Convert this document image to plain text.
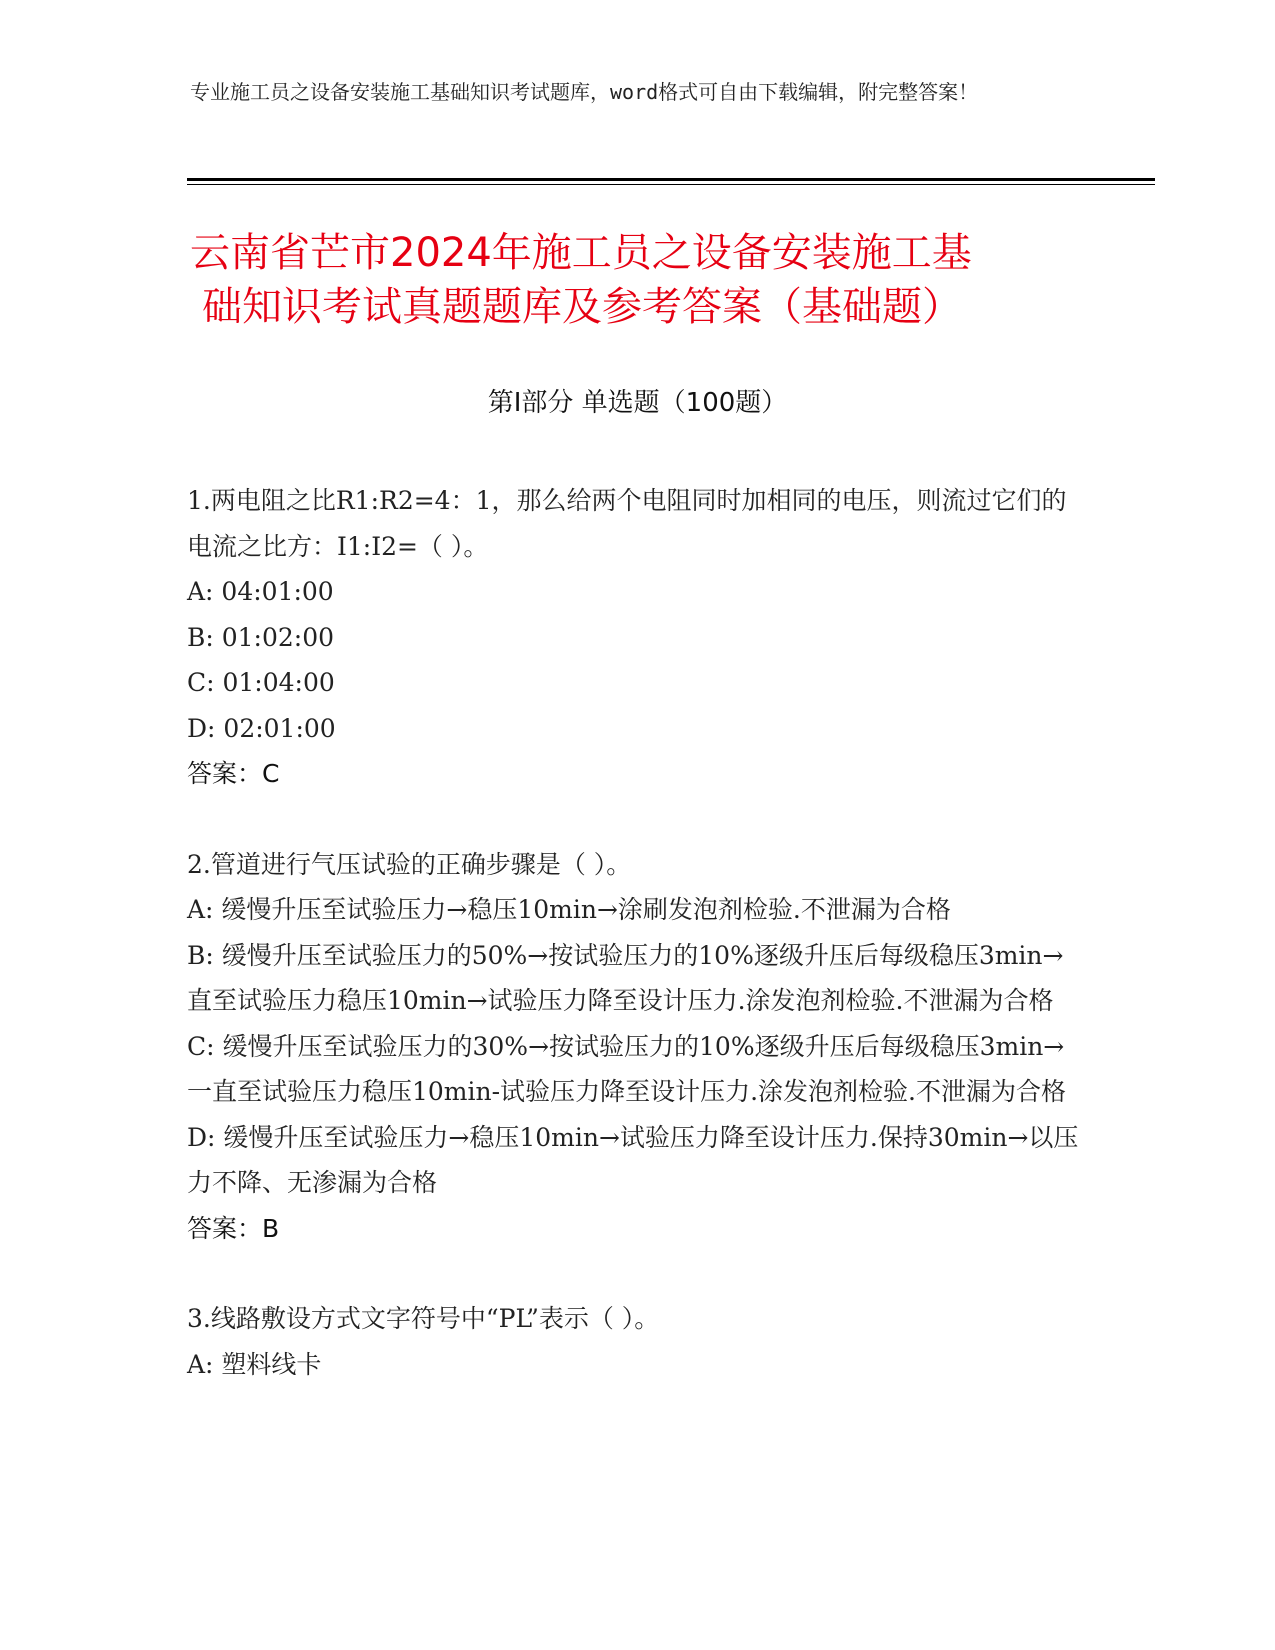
专业施工员之设备安装施工基础知识考试题库，word格式可自由下载编辑，附完整答案！
云南省芒市2024年施工员之设备安装施工基
础知识考试真题题库及参考答案（基础题）
第Ⅰ部分 单选题（100题）

1.两电阻之比R1:R2=4：1，那么给两个电阻同时加相同的电压，则流过它们的电流之比方：I1:I2=（ ）。

A: 04:01:00

B: 01:02:00

C: 01:04:00

D: 02:01:00

答案：C

2.管道进行气压试验的正确步骤是（ ）。

A: 缓慢升压至试验压力→稳压10min→涂刷发泡剂检验.不泄漏为合格

B: 缓慢升压至试验压力的50%→按试验压力的10%逐级升压后每级稳压3min→直至试验压力稳压10min→试验压力降至设计压力.涂发泡剂检验.不泄漏为合格

C: 缓慢升压至试验压力的30%→按试验压力的10%逐级升压后每级稳压3min→一直至试验压力稳压10min-试验压力降至设计压力.涂发泡剂检验.不泄漏为合格

D: 缓慢升压至试验压力→稳压10min→试验压力降至设计压力.保持30min→以压力不降、无渗漏为合格

答案：B

3.线路敷设方式文字符号中“PL”表示（ ）。

A: 塑料线卡
